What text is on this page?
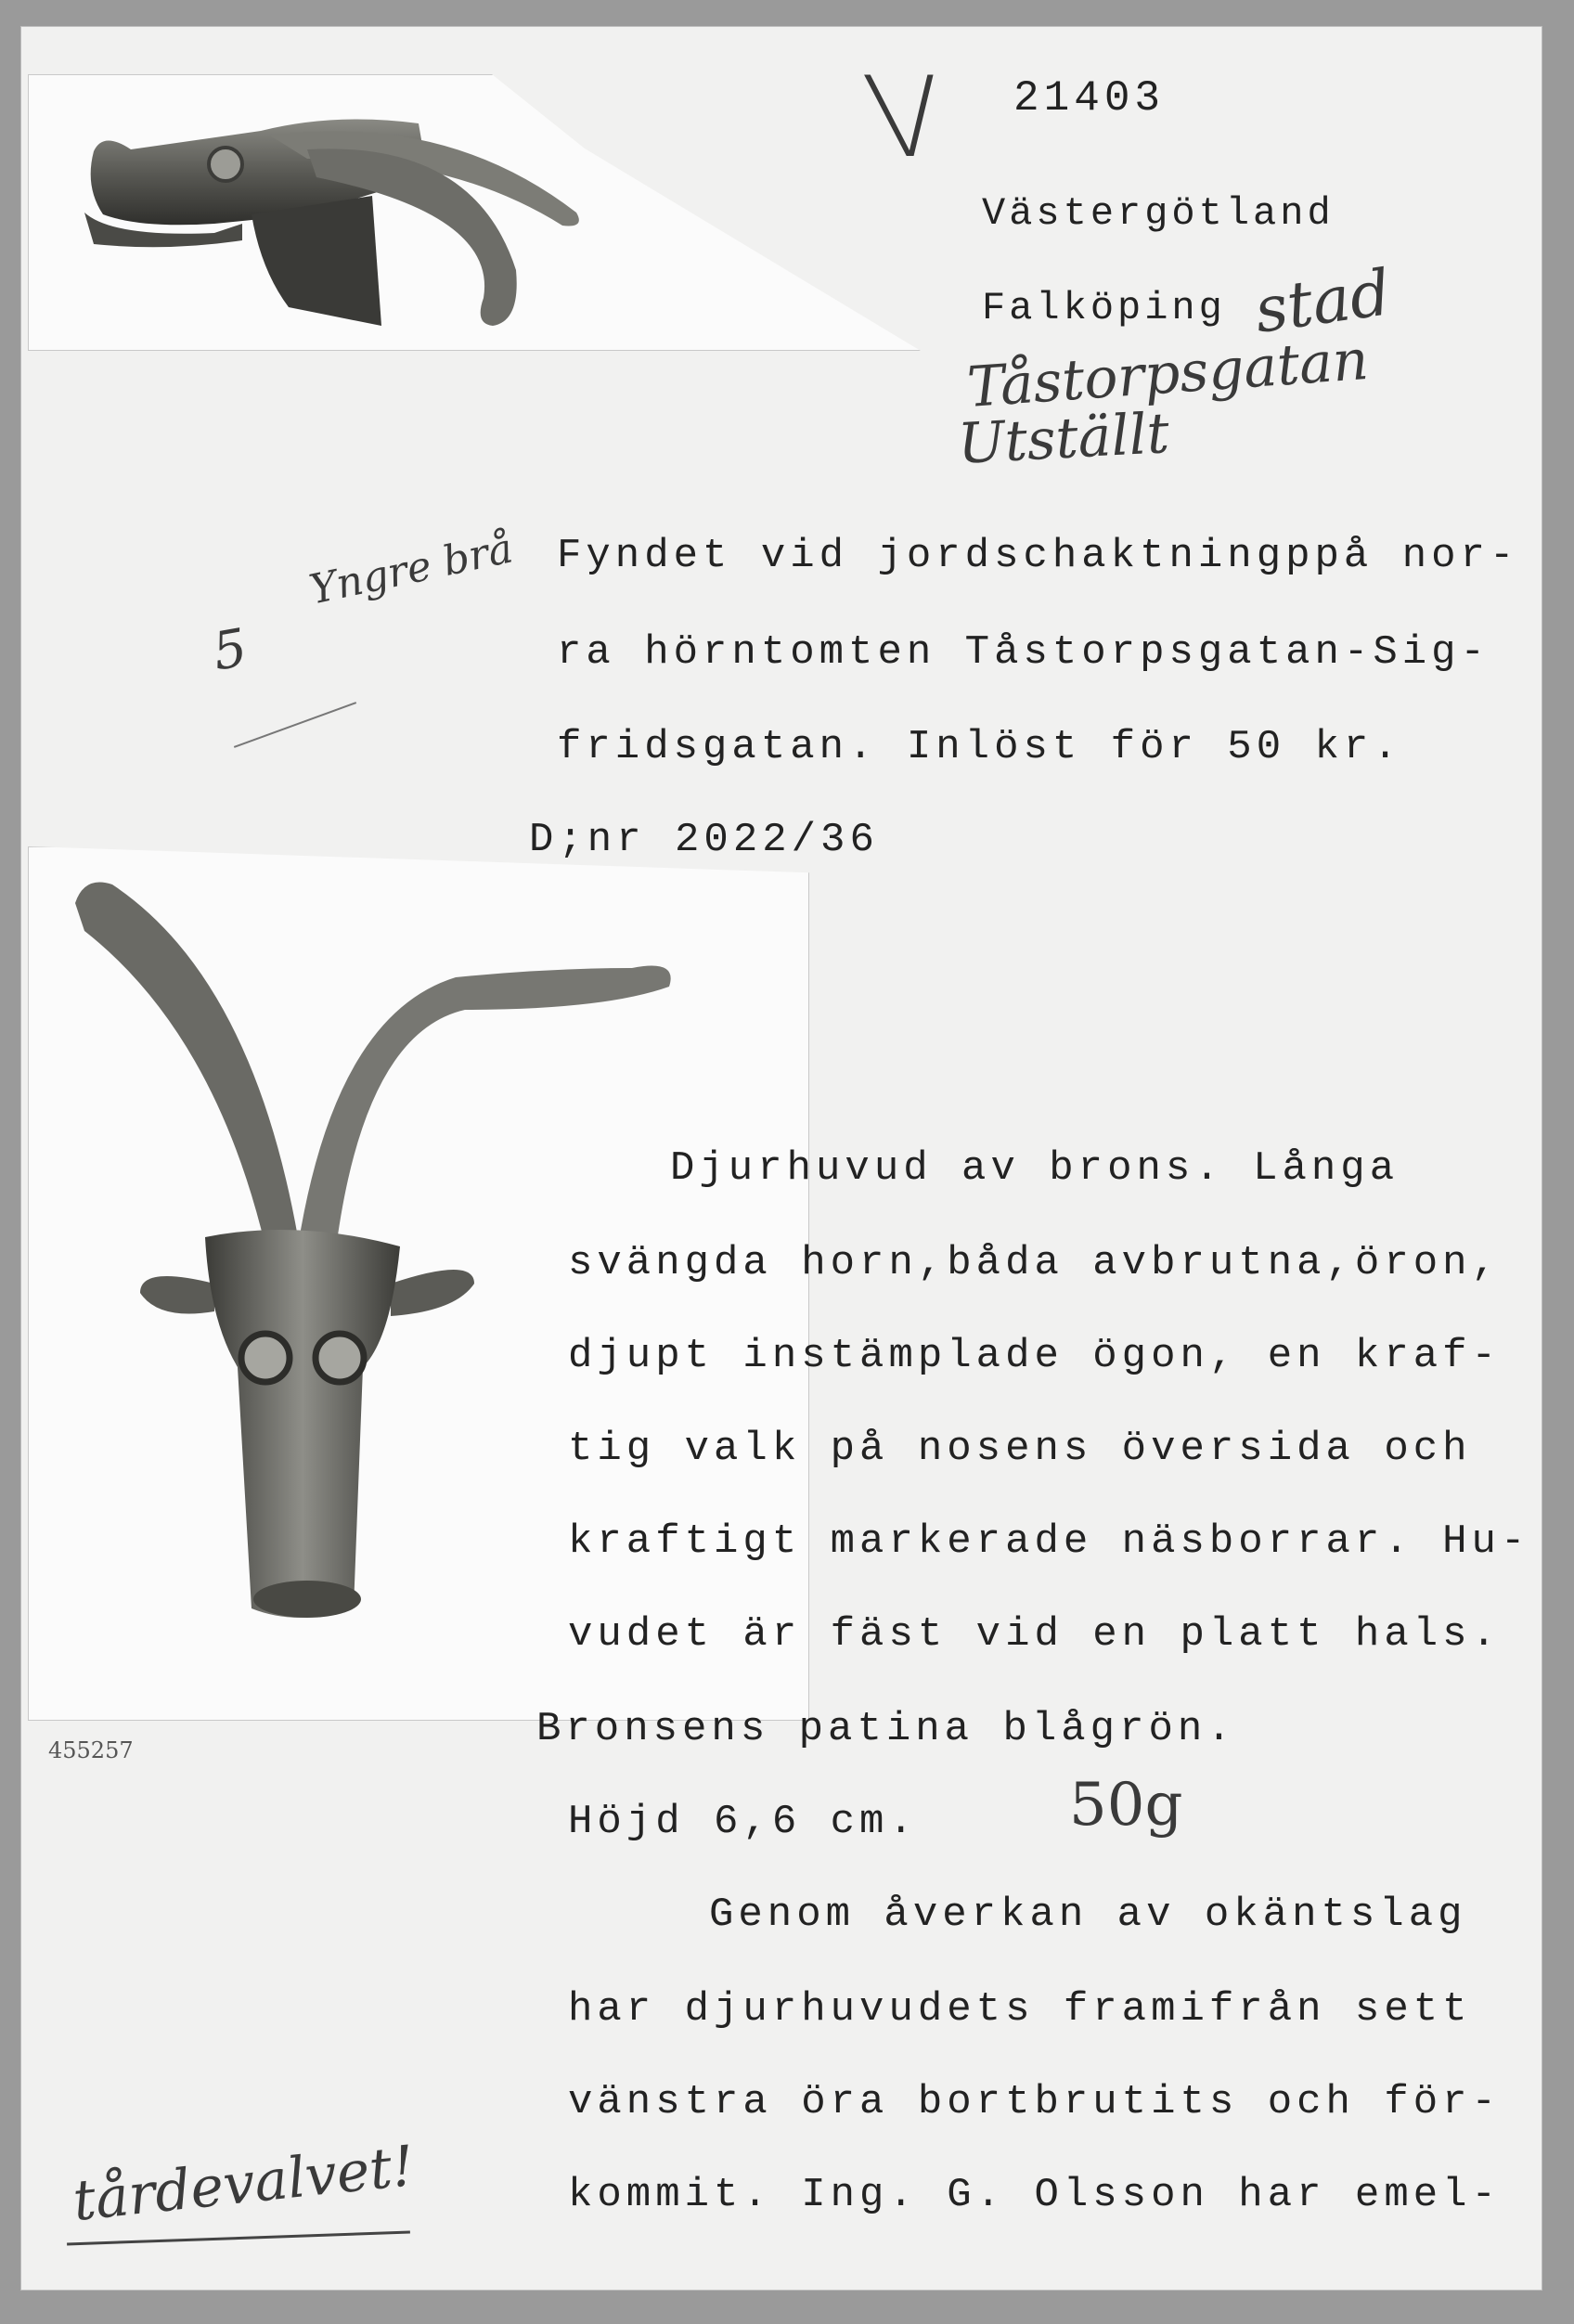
V 21403
Västergötland
Falköping stad
Tåstorpsgatan
Utställt
Yngre brå
5
Fyndet vid jordschaktningppå nor-
ra hörntomten Tåstorpsgatan-Sig-
fridsgatan. Inlöst för 50 kr.
D;nr 2022/36
Djurhuvud av brons. Långa
svängda horn,båda avbrutna,öron,
djupt instämplade ögon, en kraf-
tig valk på nosens översida och
kraftigt markerade näsborrar. Hu-
vudet är fäst vid en platt hals.
Bronsens patina blågrön.
Höjd 6,6 cm.	50g
455257
Genom åverkan av okäntslag
har djurhuvudets framifrån sett
vänstra öra bortbrutits och för-
kommit. Ing. G. Olsson har emel-
tårdevalvet!
